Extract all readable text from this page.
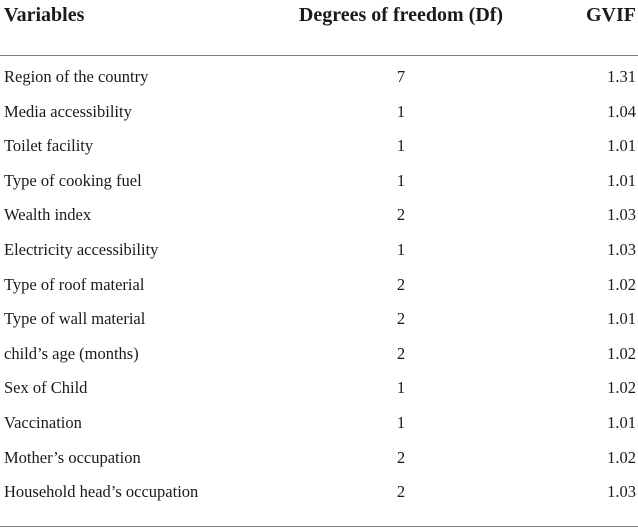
Variables	Degrees of freedom (Df)	GVIF
Region of the country	7	1.31
Media accessibility	1	1.04
Toilet facility	1	1.01
Type of cooking fuel	1	1.01
Wealth index	2	1.03
Electricity accessibility	1	1.03
Type of roof material	2	1.02
Type of wall material	2	1.01
child’s age (months)	2	1.02
Sex of Child	1	1.02
Vaccination	1	1.01
Mother’s occupation	2	1.02
Household head’s occupation	2	1.03
